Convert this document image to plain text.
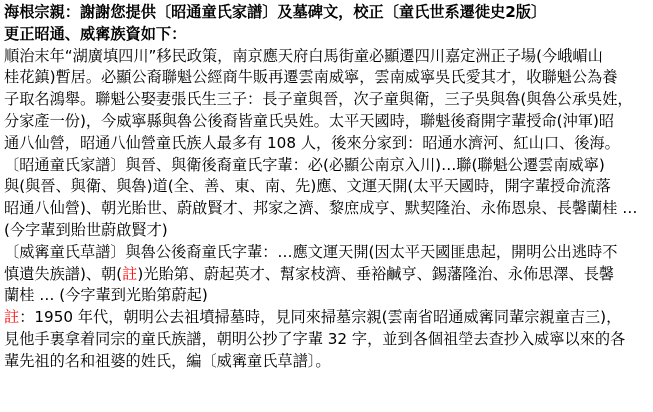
海根宗親：謝謝您提供〔昭通童氏家譜〕及墓碑文，校正〔童氏世系遷徙史2版〕
更正昭通、威寗族資如下：
順治末年“湖廣填四川”移民政策，南京應天府白馬街童必顯遷四川嘉定洲正子場(今峨嵋山
桂花鎮)暫居。必顯公裔聯魁公經商牛販再遷雲南威寧，雲南威寧吳氏愛其才，收聯魁公為養
子取名鴻舉。聯魁公娶妻張氏生三子：長子童與晉，次子童與衛，三子吳與魯(與魯公承吳姓，
分家產一份)，今威寧縣與魯公後裔皆童氏吳姓。太平天國時，聯魁後裔開字輩授命(沖軍)昭
通八仙營，昭通八仙營童氏族人最多有 108 人，後來分家到：昭通水濟河、紅山口、後海。
〔昭通童氏家譜〕與晉、與衛後裔童氏字輩：必(必顯公南京入川)…聯(聯魁公遷雲南威寧)
與(與晉、與衛、與魯)道(全、善、東、南、先)應、文運天開(太平天國時，開字輩授命流落
昭通八仙營)、朝光貽世、蔚啟賢才、邦家之濟、黎庶成亨、默契隆治、永佈恩泉、長馨蘭桂 …
(今字輩到貽世蔚啟賢才)
〔威寗童氏草譜〕與魯公後裔童氏字輩：…應文運天開(因太平天國匪患起，開明公出逃時不
慎遺失族譜)、朝(註)光貽第、蔚起英才、幫家枝濟、垂裕鹹亨、錫藩隆治、永佈思澤、長馨
蘭桂 … (今字輩到光貽第蔚起)
註：1950 年代，朝明公去祖墳掃墓時，見同來掃墓宗親(雲南省昭通威寗同輩宗親童吉三)，
見他手裏拿着同宗的童氏族譜，朝明公抄了字輩 32 字，並到各個祖塋去查抄入威寧以來的各
輩先祖的名和祖婆的姓氏，編〔威寗童氏草譜〕。
